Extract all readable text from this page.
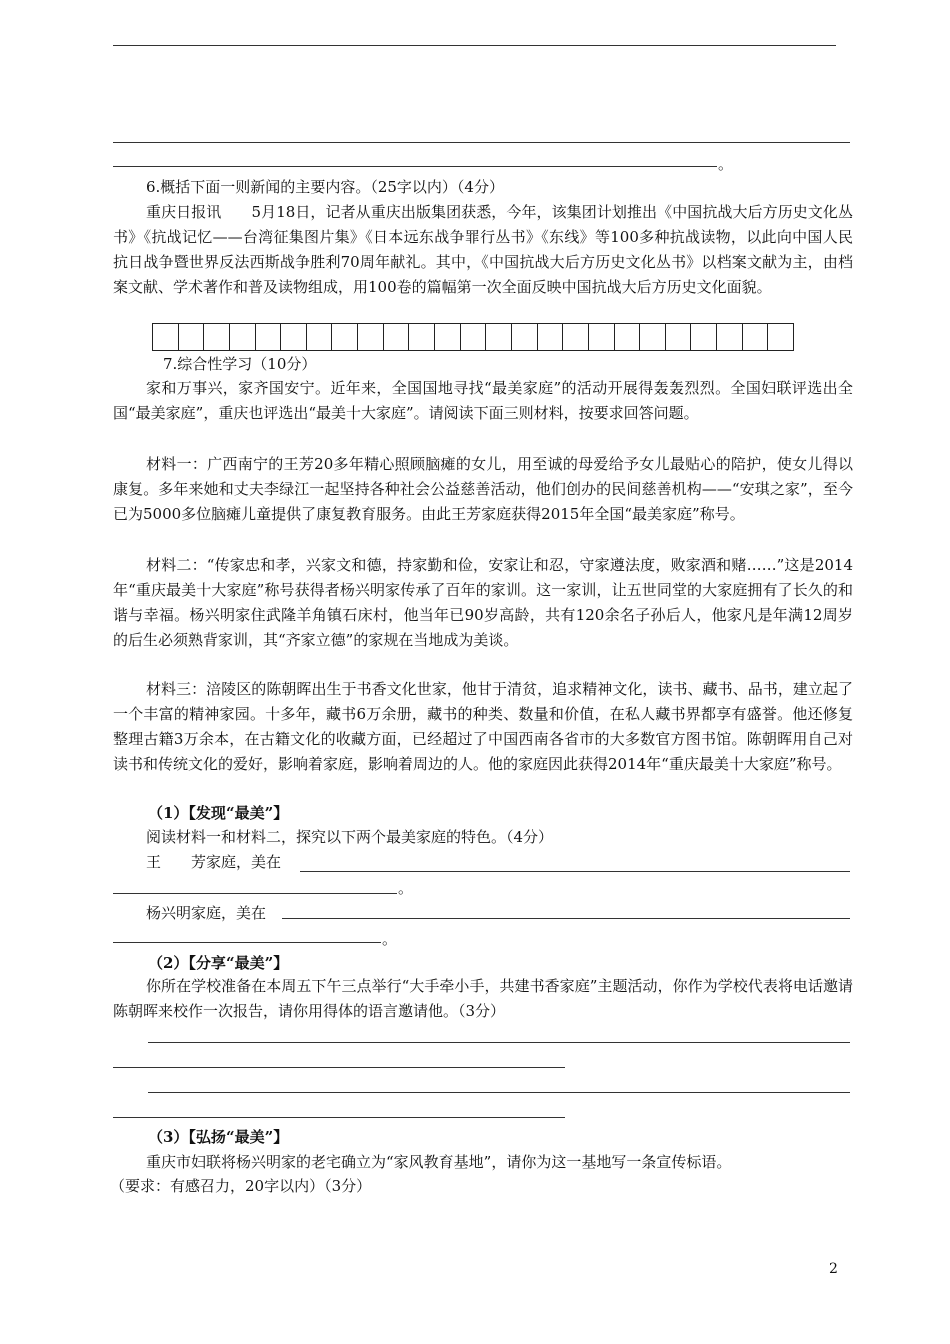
。
6.概括下面一则新闻的主要内容。（25字以内）（4分）
重庆日报讯　　5月18日，记者从重庆出版集团获悉，今年，该集团计划推出《中国抗战大后方历史文化丛书》《抗战记忆——台湾征集图片集》《日本远东战争罪行丛书》《东线》等100多种抗战读物，以此向中国人民抗日战争暨世界反法西斯战争胜利70周年献礼。其中，《中国抗战大后方历史文化丛书》以档案文献为主，由档案文献、学术著作和普及读物组成，用100卷的篇幅第一次全面反映中国抗战大后方历史文化面貌。
7.综合性学习（10分）
家和万事兴，家齐国安宁。近年来，全国国地寻找“最美家庭”的活动开展得轰轰烈烈。全国妇联评选出全国“最美家庭”，重庆也评选出“最美十大家庭”。请阅读下面三则材料，按要求回答问题。
材料一：广西南宁的王芳20多年精心照顾脑瘫的女儿，用至诚的母爱给予女儿最贴心的陪护，使女儿得以康复。多年来她和丈夫李绿江一起坚持各种社会公益慈善活动，他们创办的民间慈善机构——“安琪之家”，至今已为5000多位脑瘫儿童提供了康复教育服务。由此王芳家庭获得2015年全国“最美家庭”称号。
材料二：“传家忠和孝，兴家文和德，持家勤和俭，安家让和忍，守家遵法度，败家酒和赌……”这是2014年“重庆最美十大家庭”称号获得者杨兴明家传承了百年的家训。这一家训，让五世同堂的大家庭拥有了长久的和谐与幸福。杨兴明家住武隆羊角镇石床村，他当年已90岁高龄，共有120余名子孙后人，他家凡是年满12周岁的后生必须熟背家训，其“齐家立德”的家规在当地成为美谈。
材料三：涪陵区的陈朝晖出生于书香文化世家，他甘于清贫，追求精神文化，读书、藏书、品书，建立起了一个丰富的精神家园。十多年，藏书6万余册，藏书的种类、数量和价值，在私人藏书界都享有盛誉。他还修复整理古籍3万余本，在古籍文化的收藏方面，已经超过了中国西南各省市的大多数官方图书馆。陈朝晖用自己对读书和传统文化的爱好，影响着家庭，影响着周边的人。他的家庭因此获得2014年“重庆最美十大家庭”称号。
（1）【发现“最美”】
阅读材料一和材料二，探究以下两个最美家庭的特色。（4分）
王　　芳家庭，美在
。
杨兴明家庭，美在
。
（2）【分享“最美”】
你所在学校准备在本周五下午三点举行“大手牵小手，共建书香家庭”主题活动，你作为学校代表将电话邀请陈朝晖来校作一次报告，请你用得体的语言邀请他。（3分）
（3）【弘扬“最美”】
重庆市妇联将杨兴明家的老宅确立为“家风教育基地”，请你为这一基地写一条宣传标语。
（要求：有感召力，20字以内）（3分）
2
